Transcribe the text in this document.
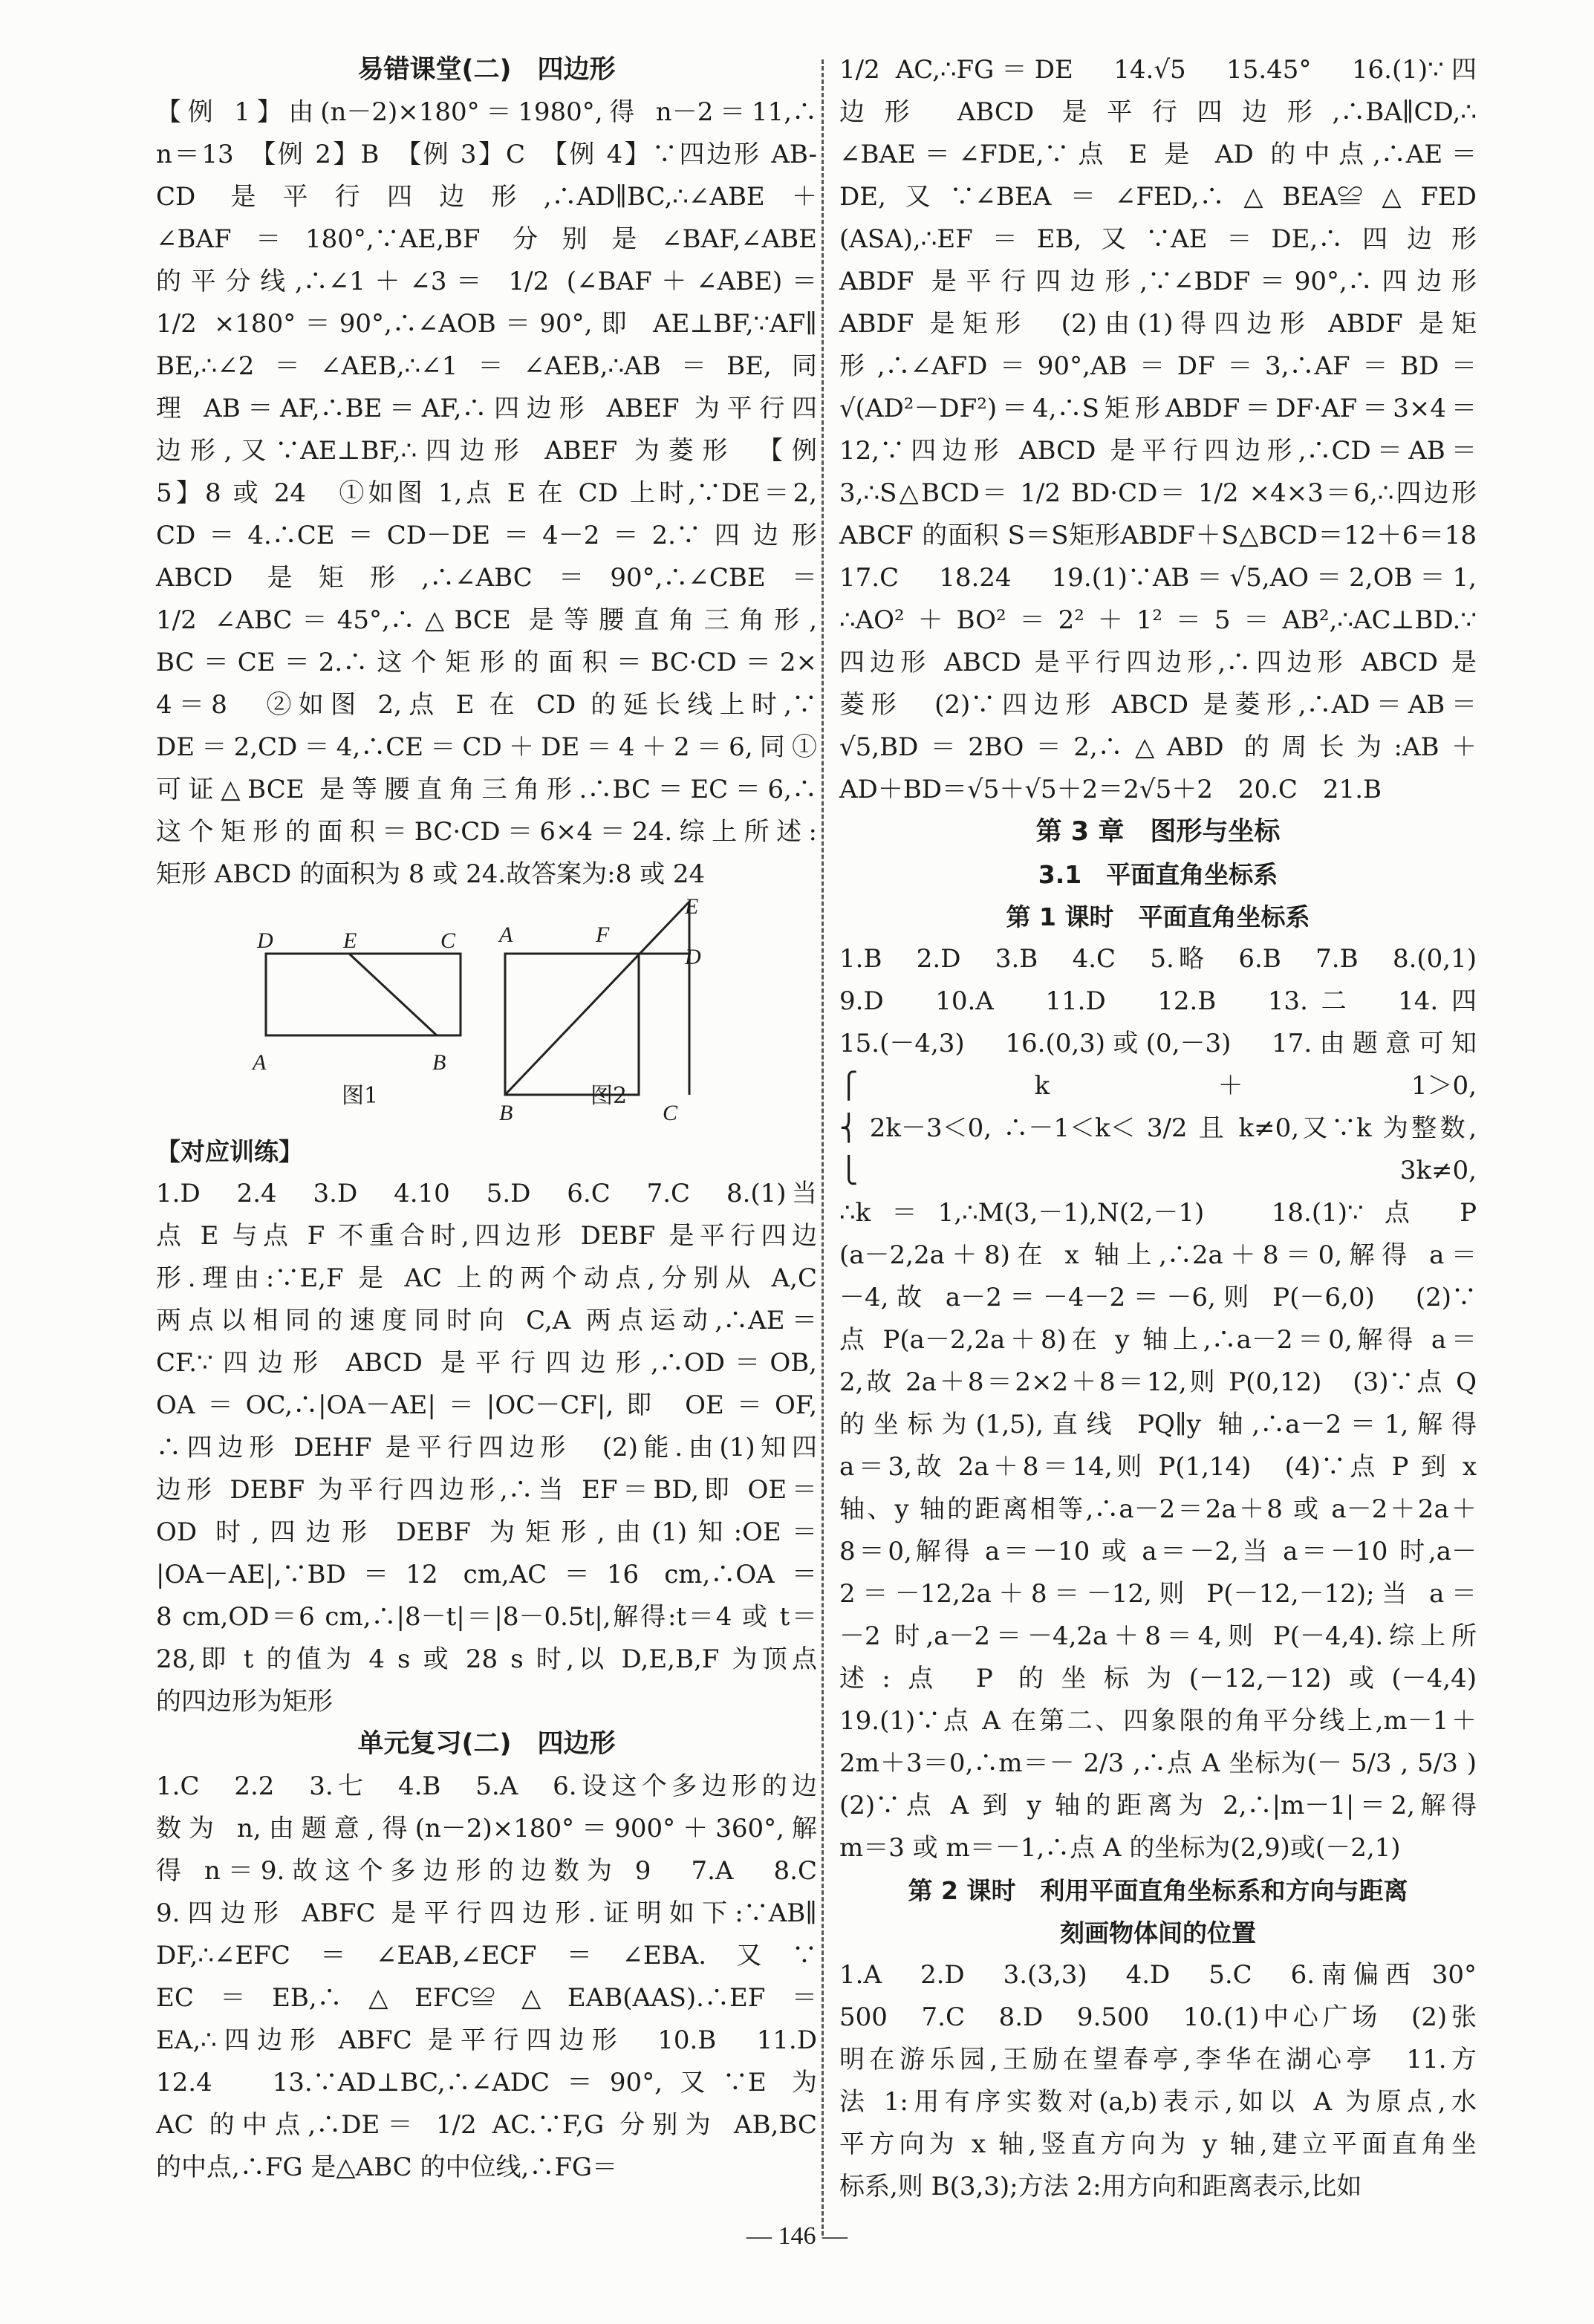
易错课堂(二)　四边形
【例 1】由(n－2)×180°＝1980°,得 n－2＝11,∴
n＝13　【例 2】B　【例 3】C　【例 4】∵四边形 AB-
CD 是平行四边形,∴AD∥BC,∴∠ABE＋
∠BAF＝180°,∵AE,BF 分别是∠BAF,∠ABE
的平分线,∴∠1＋∠3＝ 1/2 (∠BAF＋∠ABE)＝
1/2 ×180°＝90°,∴∠AOB＝90°,即 AE⊥BF,∵AF∥
BE,∴∠2＝∠AEB,∴∠1＝∠AEB,∴AB＝BE,同
理 AB＝AF,∴BE＝AF,∴四边形 ABEF 为平行四
边形,又∵AE⊥BF,∴四边形 ABEF 为菱形　【例
5】8 或 24　①如图 1,点 E 在 CD 上时,∵DE＝2,
CD＝4.∴CE＝CD－DE＝4－2＝2.∵四边形
ABCD 是矩形,∴∠ABC＝90°,∴∠CBE＝
1/2 ∠ABC＝45°,∴△BCE 是等腰直角三角形,
BC＝CE＝2.∴这个矩形的面积＝BC·CD＝2×
4＝8　②如图 2,点 E 在 CD 的延长线上时,∵
DE＝2,CD＝4,∴CE＝CD＋DE＝4＋2＝6,同①
可证△BCE 是等腰直角三角形.∴BC＝EC＝6,∴
这个矩形的面积＝BC·CD＝6×4＝24.综上所述:
矩形 ABCD 的面积为 8 或 24.故答案为:8 或 24
D	E	C
A	B
图1
A	F
E
D
B	C
图2
【对应训练】
1.D　2.4　3.D　4.10　5.D　6.C　7.C　8.(1)当
点 E 与点 F 不重合时,四边形 DEBF 是平行四边
形.理由:∵E,F 是 AC 上的两个动点,分别从 A,C
两点以相同的速度同时向 C,A 两点运动,∴AE＝
CF.∵四边形 ABCD 是平行四边形,∴OD＝OB,
OA＝OC,∴|OA－AE|＝|OC－CF|,即 OE＝OF,
∴四边形 DEHF 是平行四边形　(2)能.由(1)知四
边形 DEBF 为平行四边形,∴当 EF＝BD,即 OE＝
OD 时,四边形 DEBF 为矩形,由(1)知:OE＝
|OA－AE|,∵BD＝12 cm,AC＝16 cm,∴OA＝
8 cm,OD＝6 cm,∴|8－t|＝|8－0.5t|,解得:t＝4 或 t＝
28,即 t 的值为 4 s 或 28 s 时,以 D,E,B,F 为顶点
的四边形为矩形
单元复习(二)　四边形
1.C　2.2　3.七　4.B　5.A　6.设这个多边形的边
数为 n,由题意,得(n－2)×180°＝900°＋360°,解
得 n＝9.故这个多边形的边数为 9　7.A　8.C
9.四边形 ABFC 是平行四边形.证明如下:∵AB∥
DF,∴∠EFC＝∠EAB,∠ECF＝∠EBA.又∵
EC＝EB,∴△EFC≌△EAB(AAS).∴EF＝
EA,∴四边形 ABFC 是平行四边形　10.B　11.D
12.4　13.∵AD⊥BC,∴∠ADC＝90°,又∵E 为
AC 的中点,∴DE＝ 1/2 AC.∵F,G 分别为 AB,BC
的中点,∴FG 是△ABC 的中位线,∴FG＝
1/2 AC,∴FG＝DE　14.√5　15.45°　16.(1)∵四
边形 ABCD 是平行四边形,∴BA∥CD,∴
∠BAE＝∠FDE,∵点 E 是 AD 的中点,∴AE＝
DE,又∵∠BEA＝∠FED,∴△BEA≌△FED
(ASA),∴EF＝EB,又∵AE＝DE,∴四边形
ABDF 是平行四边形,∵∠BDF＝90°,∴四边形
ABDF 是矩形　(2)由(1)得四边形 ABDF 是矩
形,∴∠AFD＝90°,AB＝DF＝3,∴AF＝BD＝
√(AD²－DF²)＝4,∴S矩形ABDF＝DF·AF＝3×4＝
12,∵四边形 ABCD 是平行四边形,∴CD＝AB＝
3,∴S△BCD＝ 1/2 BD·CD＝ 1/2 ×4×3＝6,∴四边形
ABCF 的面积 S＝S矩形ABDF＋S△BCD＝12＋6＝18
17.C　18.24　19.(1)∵AB＝√5,AO＝2,OB＝1,
∴AO²＋BO²＝2²＋1²＝5＝AB²,∴AC⊥BD.∵
四边形 ABCD 是平行四边形,∴四边形 ABCD 是
菱形　(2)∵四边形 ABCD 是菱形,∴AD＝AB＝
√5,BD＝2BO＝2,∴△ABD 的周长为:AB＋
AD＋BD＝√5＋√5＋2＝2√5＋2　20.C　21.B
第 3 章　图形与坐标
3.1　平面直角坐标系
第 1 课时　平面直角坐标系
1.B　2.D　3.B　4.C　5.略　6.B　7.B　8.(0,1)
9.D　10.A　11.D　12.B　13.二　14.四
15.(－4,3)　16.(0,3)或(0,－3)　17.由题意可知
⎧ k＋1＞0,
⎨ 2k－3＜0, ∴－1＜k＜ 3/2 且 k≠0,又∵k 为整数,
⎩ 3k≠0,
∴k＝1,∴M(3,－1),N(2,－1)　18.(1)∵点 P
(a－2,2a＋8)在 x 轴上,∴2a＋8＝0,解得 a＝
－4,故 a－2＝－4－2＝－6,则 P(－6,0)　(2)∵
点 P(a－2,2a＋8)在 y 轴上,∴a－2＝0,解得 a＝
2,故 2a＋8＝2×2＋8＝12,则 P(0,12)　(3)∵点 Q
的坐标为(1,5),直线 PQ∥y 轴,∴a－2＝1,解得
a＝3,故 2a＋8＝14,则 P(1,14)　(4)∵点 P 到 x
轴、y 轴的距离相等,∴a－2＝2a＋8 或 a－2＋2a＋
8＝0,解得 a＝－10 或 a＝－2,当 a＝－10 时,a－
2＝－12,2a＋8＝－12,则 P(－12,－12);当 a＝
－2 时,a－2＝－4,2a＋8＝4,则 P(－4,4).综上所
述:点 P 的坐标为(－12,－12)或(－4,4)
19.(1)∵点 A 在第二、四象限的角平分线上,m－1＋
2m＋3＝0,∴m＝－ 2/3 ,∴点 A 坐标为(－ 5/3 , 5/3 )
(2)∵点 A 到 y 轴的距离为 2,∴|m－1|＝2,解得
m＝3 或 m＝－1,∴点 A 的坐标为(2,9)或(－2,1)
第 2 课时　利用平面直角坐标系和方向与距离
刻画物体间的位置
1.A　2.D　3.(3,3)　4.D　5.C　6.南偏西 30°
500　7.C　8.D　9.500　10.(1)中心广场　(2)张
明在游乐园,王励在望春亭,李华在湖心亭　11.方
法 1:用有序实数对(a,b)表示,如以 A 为原点,水
平方向为 x 轴,竖直方向为 y 轴,建立平面直角坐
标系,则 B(3,3);方法 2:用方向和距离表示,比如
— 146 —
